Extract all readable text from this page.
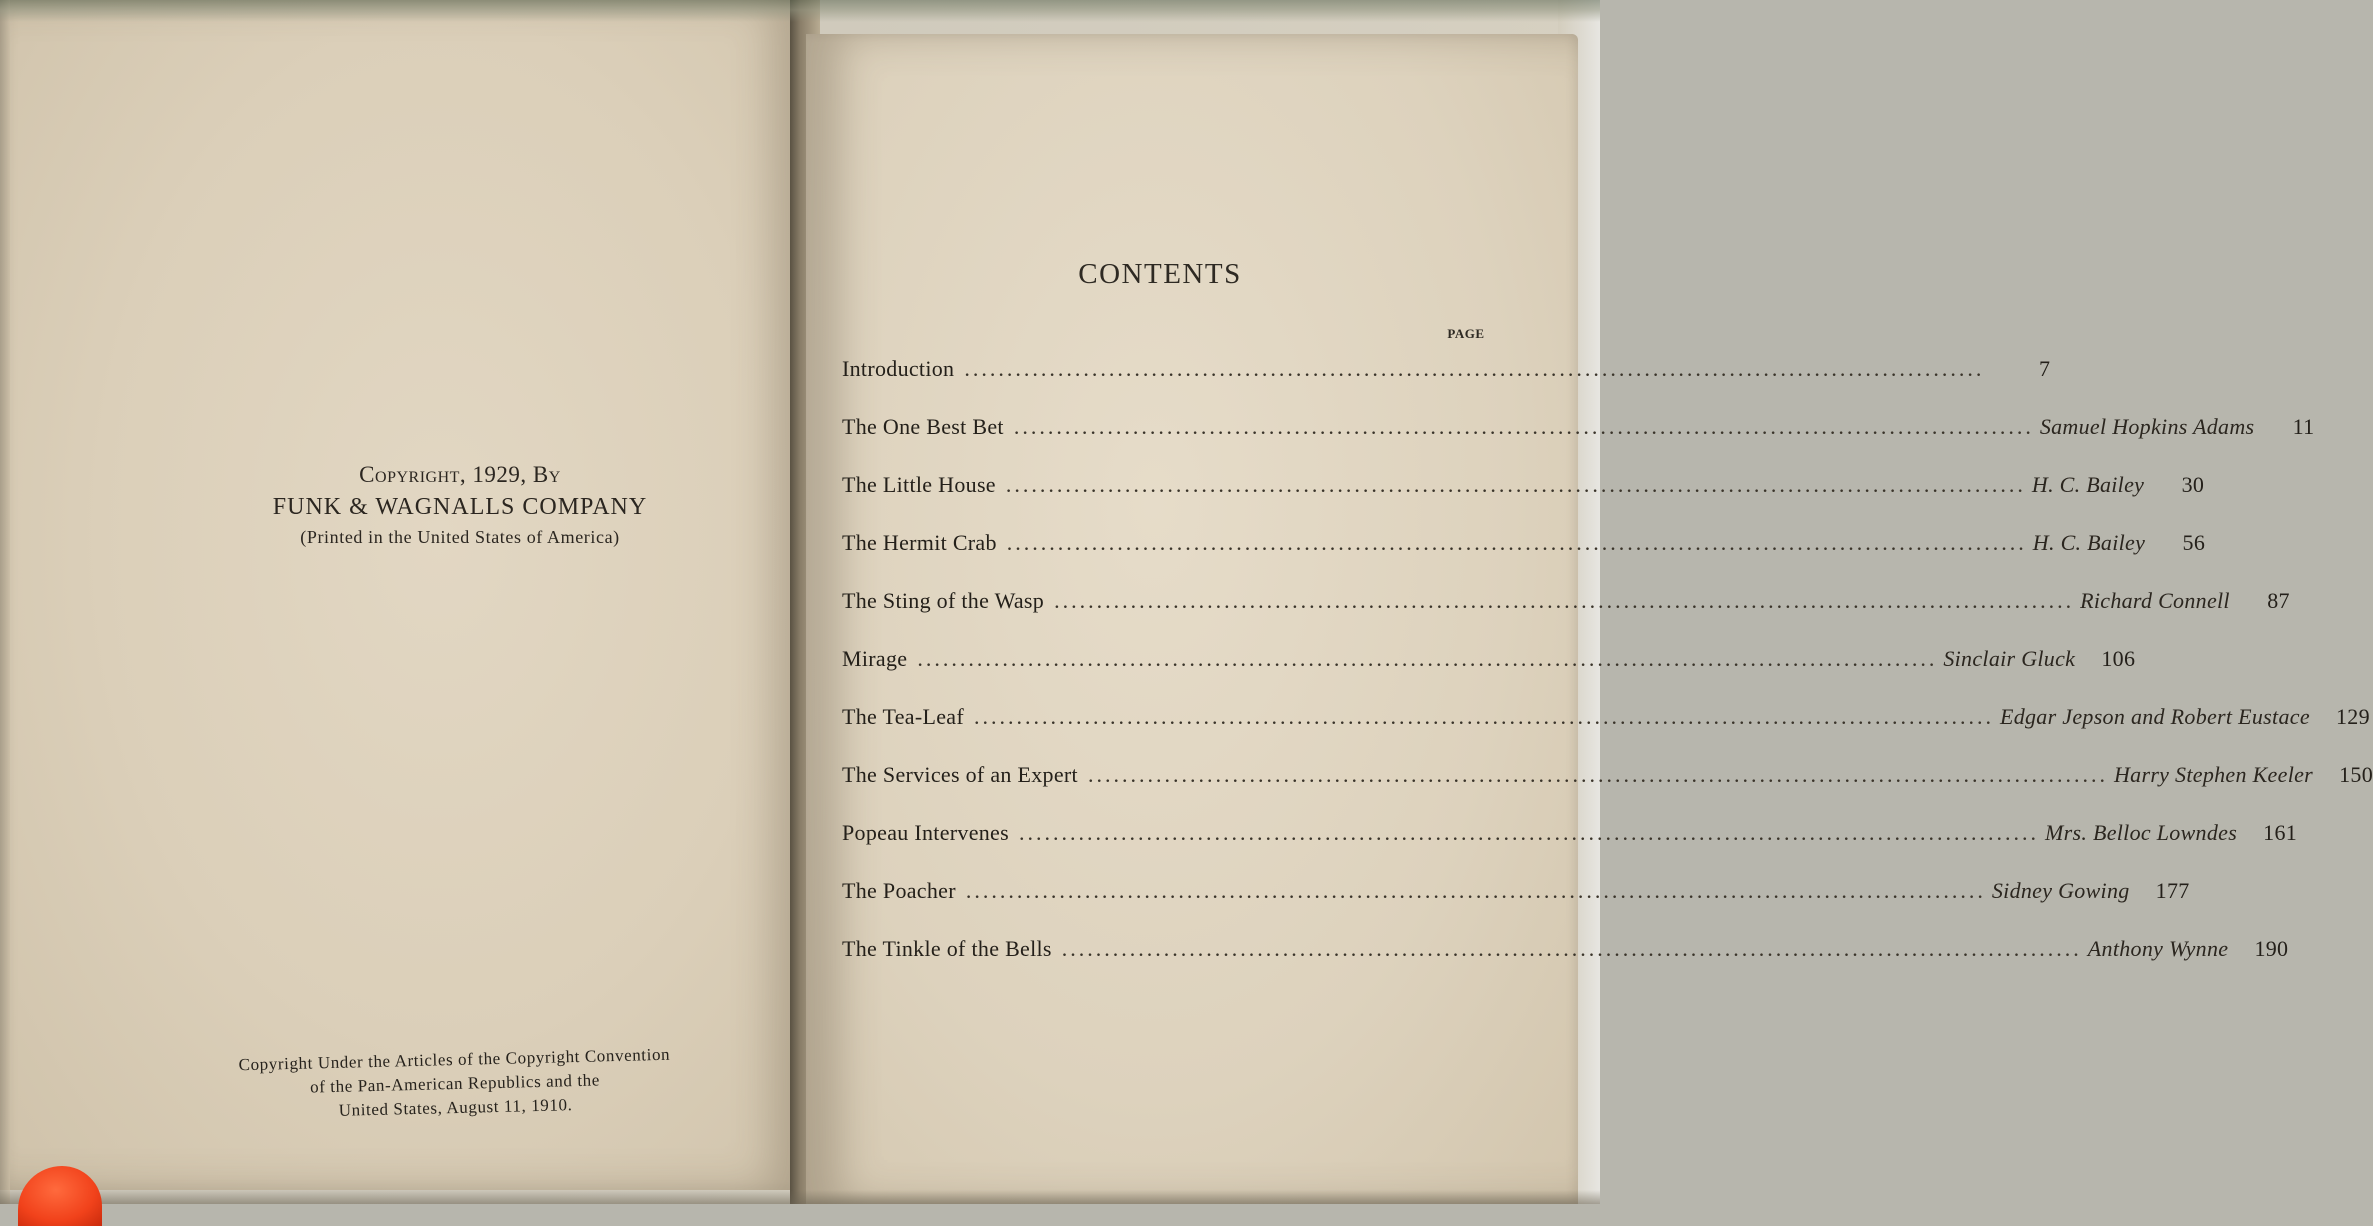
Copyright, 1929, By
FUNK & WAGNALLS COMPANY
(Printed in the United States of America)
Copyright Under the Articles of the Copyright Convention
of the Pan-American Republics and the
United States, August 11, 1910.
CONTENTS
PAGE
Introduction ........................................................................................................................	7
The One Best Bet ........................................................................................................................ Samuel Hopkins Adams	11
The Little House ........................................................................................................................ H. C. Bailey	30
The Hermit Crab ........................................................................................................................ H. C. Bailey	56
The Sting of the Wasp ........................................................................................................................ Richard Connell	87
Mirage ........................................................................................................................ Sinclair Gluck	106
The Tea-Leaf ........................................................................................................................ Edgar Jepson and Robert Eustace	129
The Services of an Expert ........................................................................................................................ Harry Stephen Keeler	150
Popeau Intervenes ........................................................................................................................ Mrs. Belloc Lowndes	161
The Poacher ........................................................................................................................ Sidney Gowing	177
The Tinkle of the Bells ........................................................................................................................ Anthony Wynne	190
